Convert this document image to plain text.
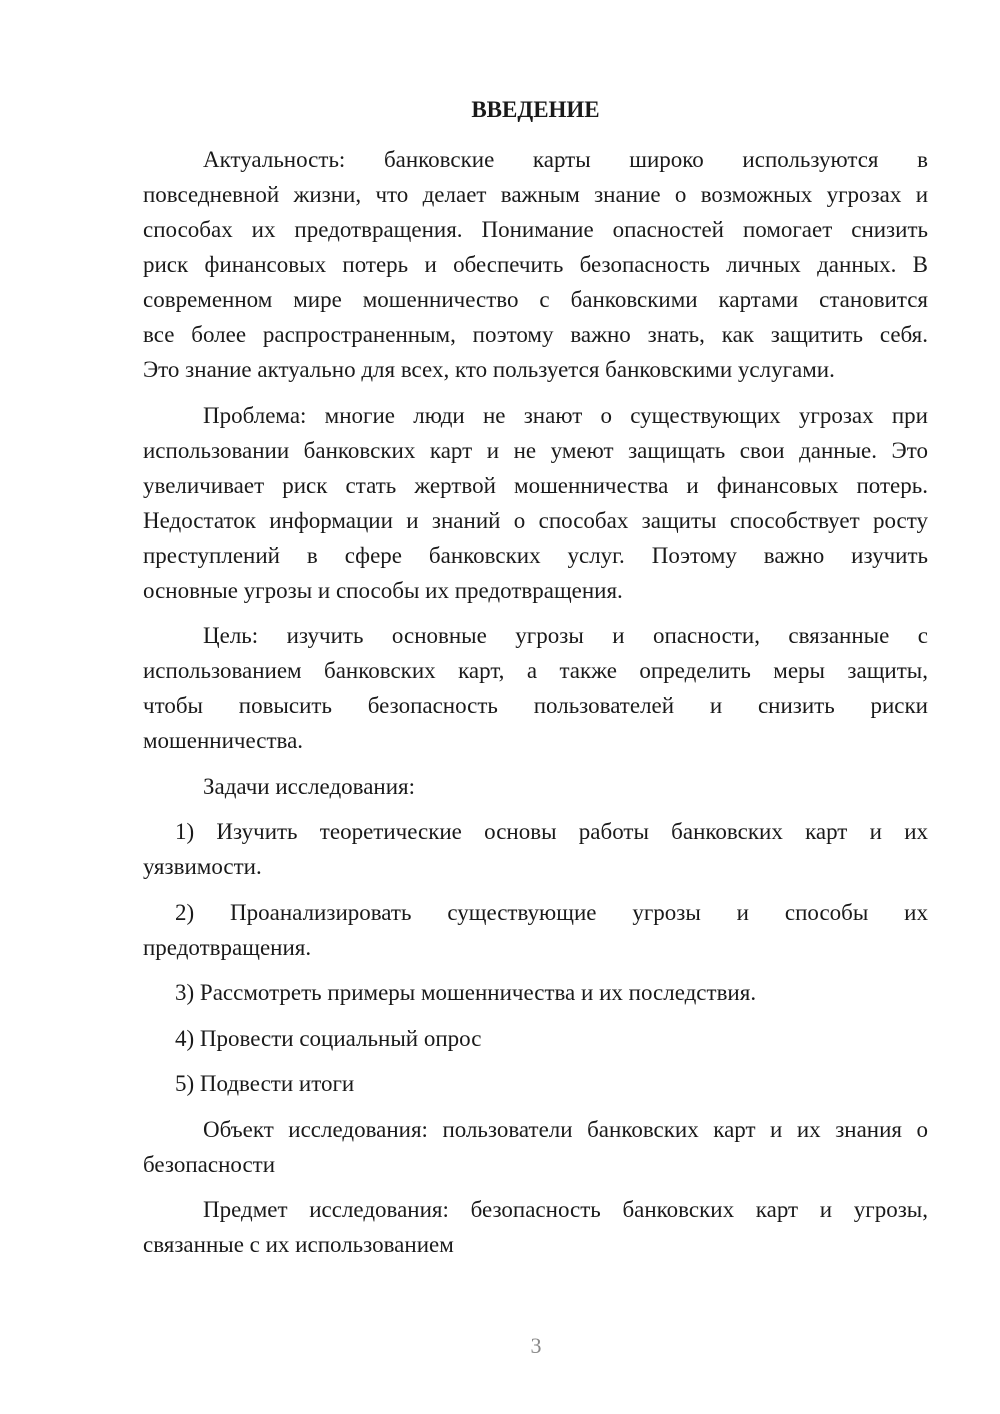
ВВЕДЕНИЕ
Актуальность: банковские карты широко используются в
повседневной жизни, что делает важным знание о возможных угрозах и
способах их предотвращения. Понимание опасностей помогает снизить
риск финансовых потерь и обеспечить безопасность личных данных. В
современном мире мошенничество с банковскими картами становится
все более распространенным, поэтому важно знать, как защитить себя.
Это знание актуально для всех, кто пользуется банковскими услугами.
Проблема: многие люди не знают о существующих угрозах при
использовании банковских карт и не умеют защищать свои данные. Это
увеличивает риск стать жертвой мошенничества и финансовых потерь.
Недостаток информации и знаний о способах защиты способствует росту
преступлений в сфере банковских услуг. Поэтому важно изучить
основные угрозы и способы их предотвращения.
Цель: изучить основные угрозы и опасности, связанные с
использованием банковских карт, а также определить меры защиты,
чтобы повысить безопасность пользователей и снизить риски
мошенничества.
Задачи исследования:
1) Изучить теоретические основы работы банковских карт и их
уязвимости.
2) Проанализировать существующие угрозы и способы их
предотвращения.
3) Рассмотреть примеры мошенничества и их последствия.
4) Провести социальный опрос
5) Подвести итоги
Объект исследования: пользователи банковских карт и их знания о
безопасности
Предмет исследования: безопасность банковских карт и угрозы,
связанные с их использованием
3
